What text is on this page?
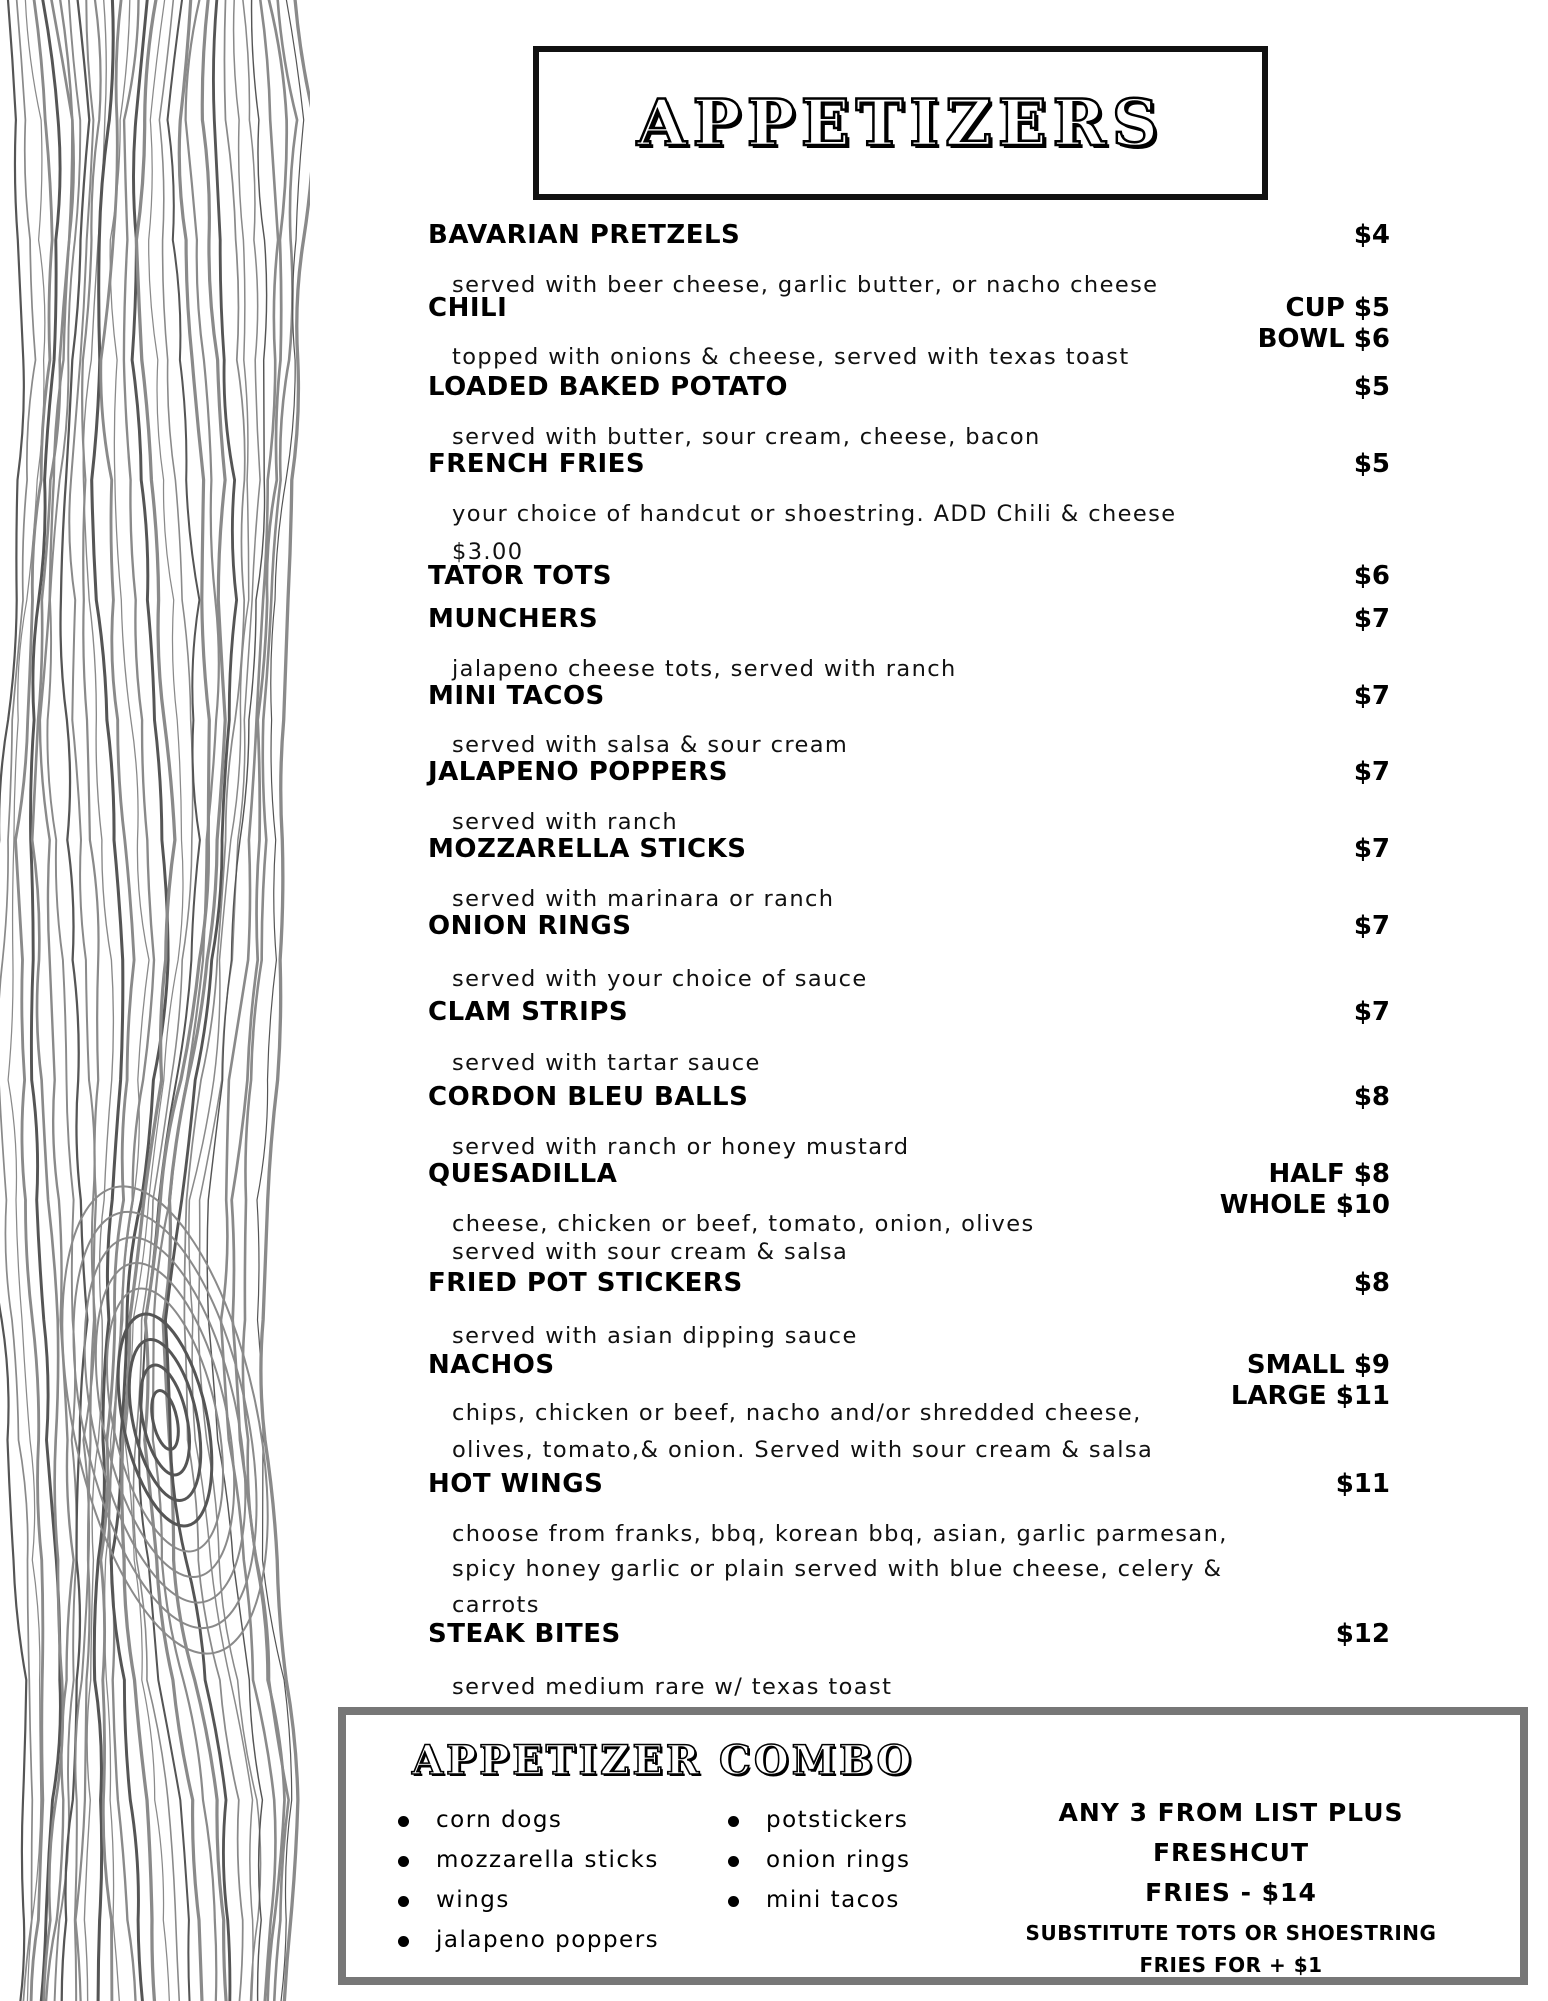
APPETIZERS
BAVARIAN PRETZELS	$4
served with beer cheese, garlic butter, or nacho cheese
CHILI	CUP $5
BOWL $6
topped with onions & cheese, served with texas toast
LOADED BAKED POTATO	$5
served with butter, sour cream, cheese, bacon
FRENCH FRIES	$5
your choice of handcut or shoestring. ADD Chili & cheese
$3.00
TATOR TOTS	$6
MUNCHERS	$7
jalapeno cheese tots, served with ranch
MINI TACOS	$7
served with salsa & sour cream
JALAPENO POPPERS	$7
served with ranch
MOZZARELLA STICKS	$7
served with marinara or ranch
ONION RINGS	$7
served with your choice of sauce
CLAM STRIPS	$7
served with tartar sauce
CORDON BLEU BALLS	$8
served with ranch or honey mustard
QUESADILLA	HALF $8
WHOLE $10
cheese, chicken or beef, tomato, onion, olives
served with sour cream & salsa
FRIED POT STICKERS	$8
served with asian dipping sauce
NACHOS	SMALL $9
LARGE $11
chips, chicken or beef, nacho and/or shredded cheese,
olives, tomato,& onion. Served with sour cream & salsa
HOT WINGS	$11
choose from franks, bbq, korean bbq, asian, garlic parmesan,
spicy honey garlic or plain served with blue cheese, celery &
carrots
STEAK BITES	$12
served medium rare w/ texas toast
APPETIZER COMBO
corn dogs
mozzarella sticks
wings
jalapeno poppers
potstickers
onion rings
mini tacos
ANY 3 FROM LIST PLUS FRESHCUT
FRIES - $14
SUBSTITUTE TOTS OR SHOESTRING
FRIES FOR + $1
